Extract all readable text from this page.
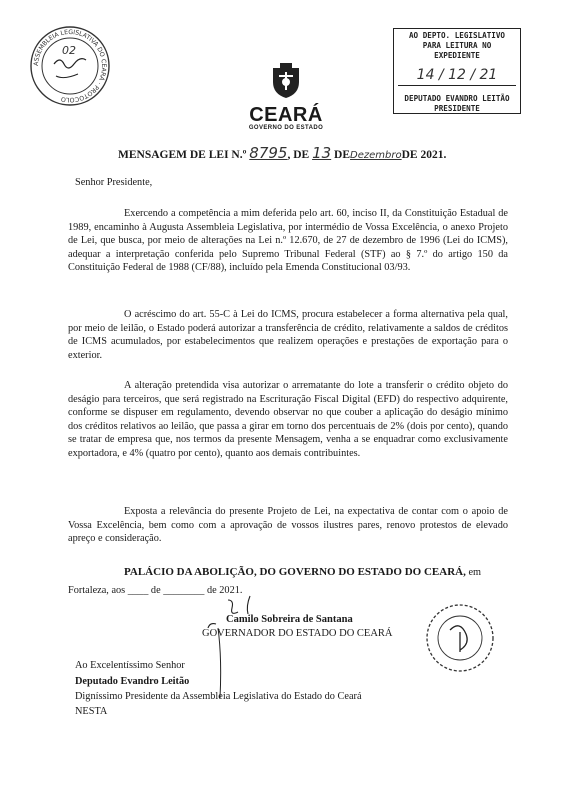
ASSEMBLEIA LEGISLATIVA DO CEARÁ · PROTOCOLO
02
CEARÁ
GOVERNO DO ESTADO
AO DEPTO. LEGISLATIVO
PARA LEITURA NO EXPEDIENTE
14 / 12 / 21
DEPUTADO EVANDRO LEITÃO
PRESIDENTE
MENSAGEM DE LEI N.º 8795, DE 13 DEDezembroDE 2021.
Senhor Presidente,
Exercendo a competência a mim deferida pelo art. 60, inciso II, da Constituição Estadual de 1989, encaminho à Augusta Assembleia Legislativa, por intermédio de Vossa Excelência, o anexo Projeto de Lei, que busca, por meio de alterações na Lei n.º 12.670, de 27 de dezembro de 1996 (Lei do ICMS), adequar a interpretação conferida pelo Supremo Tribunal Federal (STF) ao § 7.º do artigo 150 da Constituição Federal de 1988 (CF/88), incluído pela Emenda Constitucional 03/93.
O acréscimo do art. 55-C à Lei do ICMS, procura estabelecer a forma alternativa pela qual, por meio de leilão, o Estado poderá autorizar a transferência de crédito, relativamente a saldos de créditos de ICMS acumulados, por estabelecimentos que realizem operações e prestações de exportação para o exterior.
A alteração pretendida visa autorizar o arrematante do lote a transferir o crédito objeto do deságio para terceiros, que será registrado na Escrituração Fiscal Digital (EFD) do respectivo adquirente, conforme se dispuser em regulamento, devendo observar no que couber a aplicação do deságio mínimo dos créditos relativos ao leilão, que passa a girar em torno dos percentuais de 2% (dois por cento), quando se tratar de empresa que, nos termos da presente Mensagem, venha a se enquadrar como exclusivamente exportadora, e 4% (quatro por cento), quanto aos demais contribuintes.
Exposta a relevância do presente Projeto de Lei, na expectativa de contar com o apoio de Vossa Excelência, bem como com a aprovação de vossos ilustres pares, renovo protestos de elevado apreço e consideração.
PALÁCIO DA ABOLIÇÃO, DO GOVERNO DO ESTADO DO CEARÁ, em
Fortaleza, aos ____ de ________ de 2021.
Camilo Sobreira de Santana
GOVERNADOR DO ESTADO DO CEARÁ
Ao Excelentíssimo Senhor
Deputado Evandro Leitão
Digníssimo Presidente da Assembleia Legislativa do Estado do Ceará
NESTA
